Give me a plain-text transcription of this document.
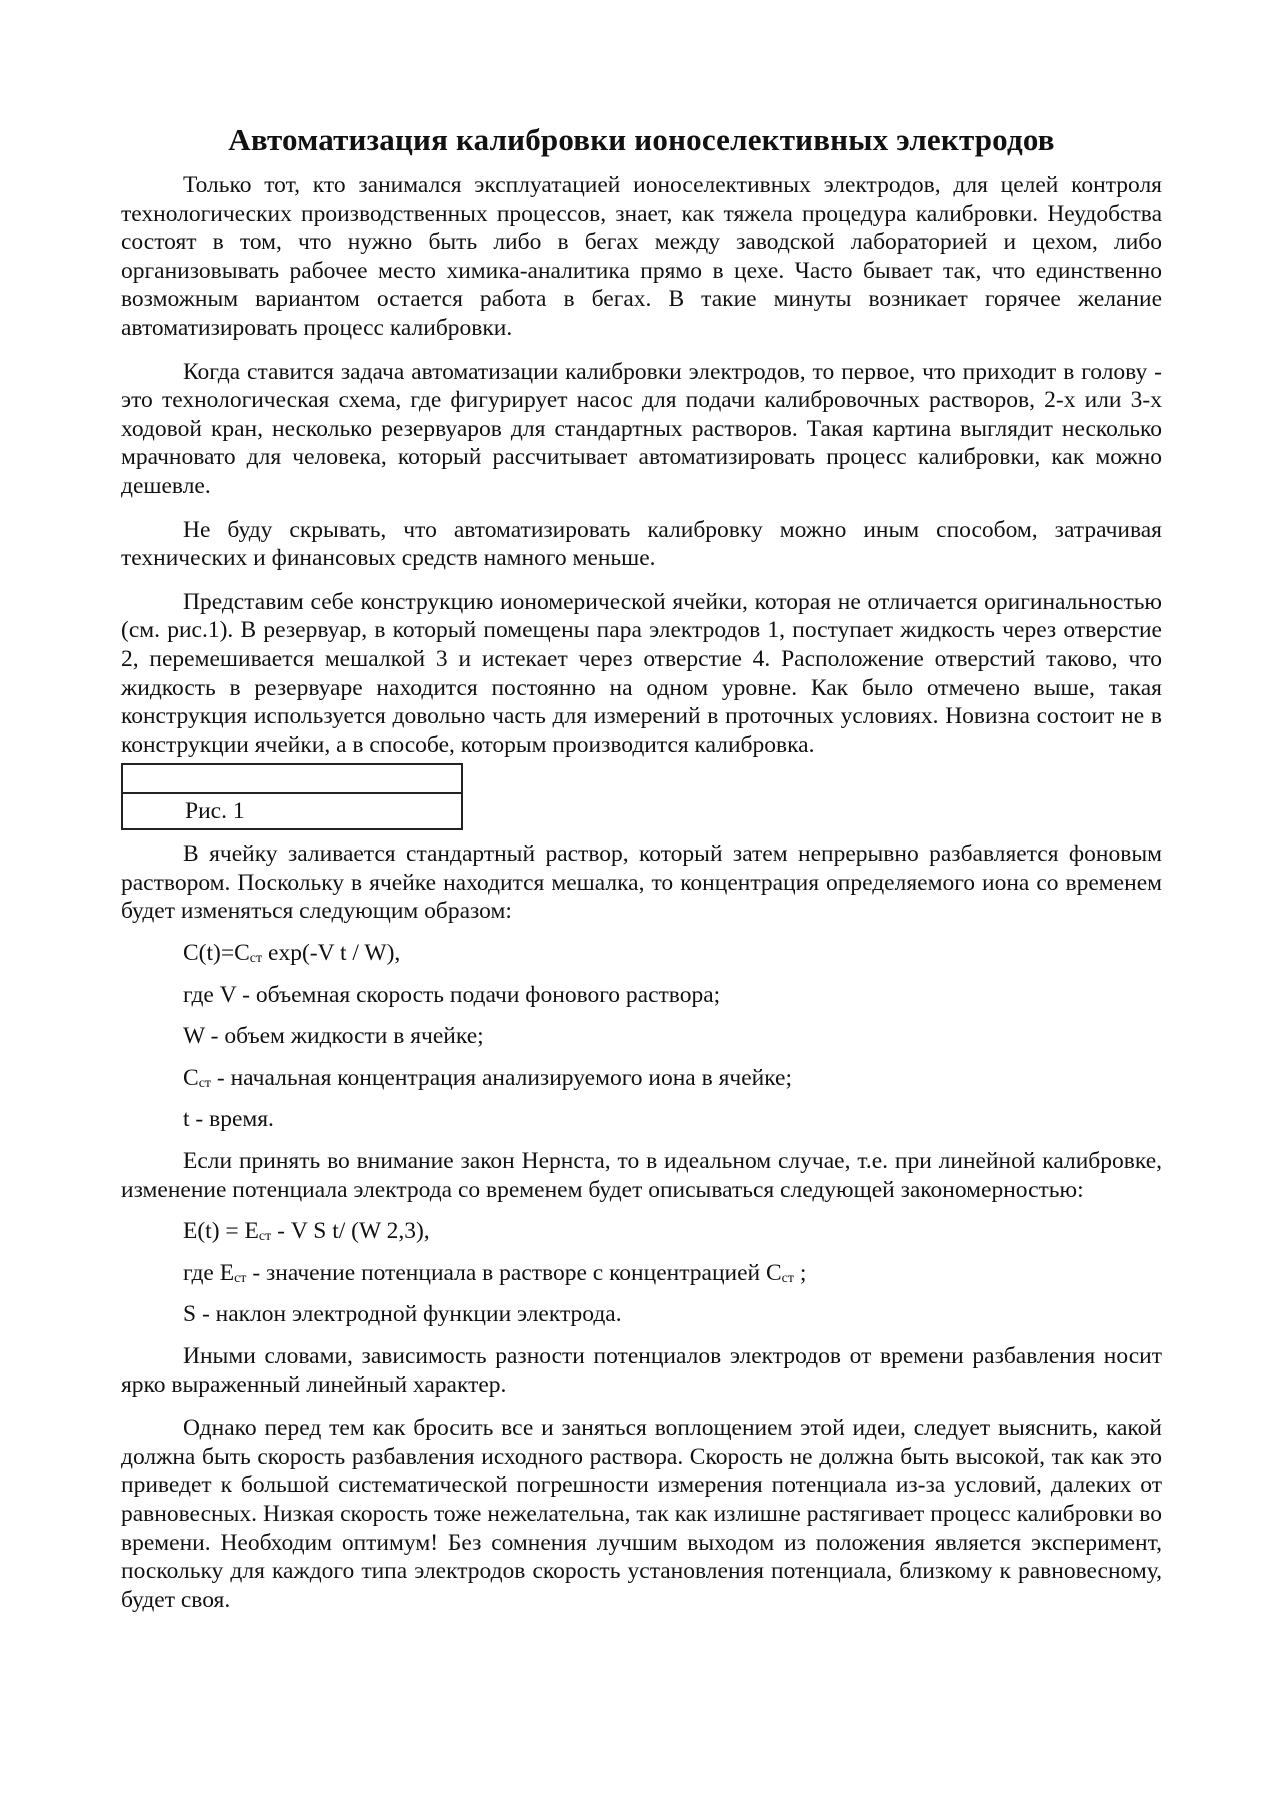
Автоматизация калибровки ионоселективных электродов

Только тот, кто занимался эксплуатацией ионоселективных электродов, для целей контроля технологических производственных процессов, знает, как тяжела процедура калибровки. Неудобства состоят в том, что нужно быть либо в бегах между заводской лабораторией и цехом, либо организовывать рабочее место химика-аналитика прямо в цехе. Часто бывает так, что единственно возможным вариантом остается работа в бегах. В такие минуты возникает горячее желание автоматизировать процесс калибровки.

Когда ставится задача автоматизации калибровки электродов, то первое, что приходит в голову - это технологическая схема, где фигурирует насос для подачи калибровочных растворов, 2-х или 3-х ходовой кран, несколько резервуаров для стандартных растворов. Такая картина выглядит несколько мрачновато для человека, который рассчитывает автоматизировать процесс калибровки, как можно дешевле.

Не буду скрывать, что автоматизировать калибровку можно иным способом, затрачивая технических и финансовых средств намного меньше.

Представим себе конструкцию иономерической ячейки, которая не отличается оригинальностью (см. рис.1). В резервуар, в который помещены пара электродов 1, поступает жидкость через отверстие 2, перемешивается мешалкой 3 и истекает через отверстие 4. Расположение отверстий таково, что жидкость в резервуаре находится постоянно на одном уровне. Как было отмечено выше, такая конструкция используется довольно часть для измерений в проточных условиях. Новизна состоит не в конструкции ячейки, а в способе, которым производится калибровка.

Рис. 1

В ячейку заливается стандартный раствор, который затем непрерывно разбавляется фоновым раствором. Поскольку в ячейке находится мешалка, то концентрация определяемого иона со временем будет изменяться следующим образом:

$C(t)=C_{ст}$ exp(-V t / W),

где V - объемная скорость подачи фонового раствора;

W - объем жидкости в ячейке;

$C_{ст}$ - начальная концентрация анализируемого иона в ячейке;

t - время.

Если принять во внимание закон Нернста, то в идеальном случае, т.е. при линейной калибровке, изменение потенциала электрода со временем будет описываться следующей закономерностью:

$E(t) = E_{ст} - V$ S t/ (W 2,3),

где $E_{ст}$ - значение потенциала в растворе с концентрацией $C_{ст}$ ;

S - наклон электродной функции электрода.

Иными словами, зависимость разности потенциалов электродов от времени разбавления носит ярко выраженный линейный характер.

Однако перед тем как бросить все и заняться воплощением этой идеи, следует выяснить, какой должна быть скорость разбавления исходного раствора. Скорость не должна быть высокой, так как это приведет к большой систематической погрешности измерения потенциала из-за условий, далеких от равновесных. Низкая скорость тоже нежелательна, так как излишне растягивает процесс калибровки во времени. Необходим оптимум! Без сомнения лучшим выходом из положения является эксперимент, поскольку для каждого типа электродов скорость установления потенциала, близкому к равновесному, будет своя.
